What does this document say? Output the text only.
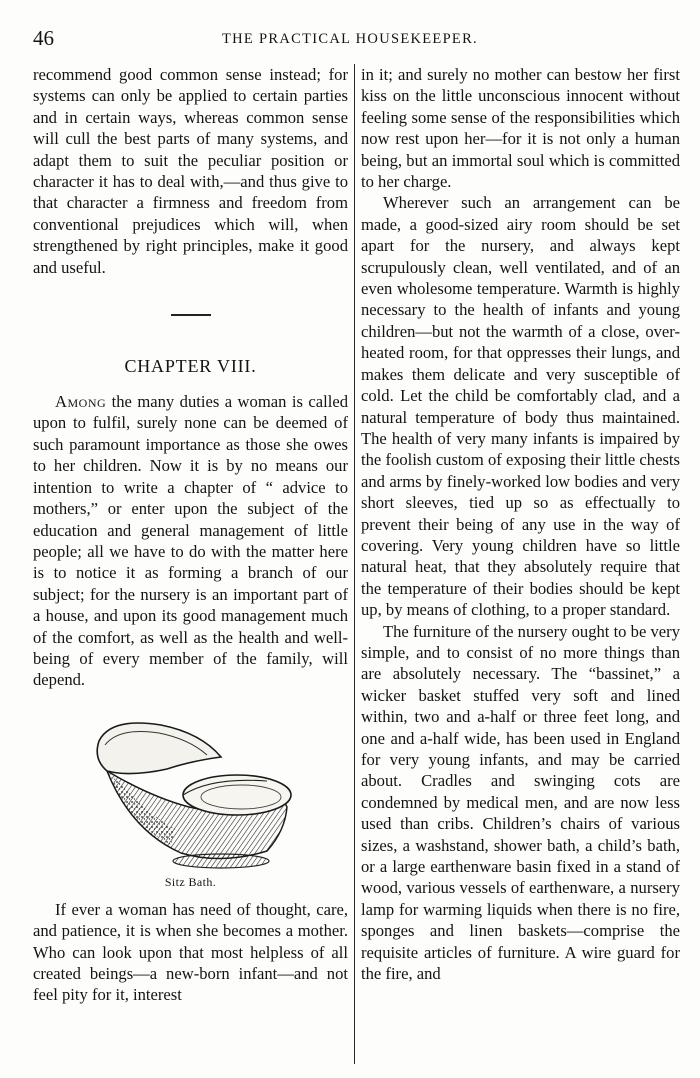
46	THE PRACTICAL HOUSEKEEPER.

recommend good common sense instead; for systems can only be applied to certain parties and in certain ways, whereas common sense will cull the best parts of many systems, and adapt them to suit the peculiar position or character it has to deal with,—and thus give to that character a firmness and freedom from conventional prejudices which will, when strengthened by right principles, make it good and useful.

CHAPTER VIII.

Among the many duties a woman is called upon to fulfil, surely none can be deemed of such paramount importance as those she owes to her children. Now it is by no means our intention to write a chapter of “ advice to mothers,” or enter upon the subject of the education and general management of little people; all we have to do with the matter here is to notice it as forming a branch of our subject; for the nursery is an important part of a house, and upon its good management much of the comfort, as well as the health and well-being of every member of the family, will depend.

Sitz Bath.

If ever a woman has need of thought, care, and patience, it is when she becomes a mother. Who can look upon that most helpless of all created beings—a new-born infant—and not feel pity for it, interest

in it; and surely no mother can bestow her first kiss on the little unconscious innocent without feeling some sense of the responsibilities which now rest upon her—for it is not only a human being, but an immortal soul which is committed to her charge.

Wherever such an arrangement can be made, a good-sized airy room should be set apart for the nursery, and always kept scrupulously clean, well ventilated, and of an even wholesome temperature. Warmth is highly necessary to the health of infants and young children—but not the warmth of a close, over-heated room, for that oppresses their lungs, and makes them delicate and very susceptible of cold. Let the child be comfortably clad, and a natural temperature of body thus maintained. The health of very many infants is impaired by the foolish custom of exposing their little chests and arms by finely-worked low bodies and very short sleeves, tied up so as effectually to prevent their being of any use in the way of covering. Very young children have so little natural heat, that they absolutely require that the temperature of their bodies should be kept up, by means of clothing, to a proper standard.

The furniture of the nursery ought to be very simple, and to consist of no more things than are absolutely necessary. The “bassinet,” a wicker basket stuffed very soft and lined within, two and a-half or three feet long, and one and a-half wide, has been used in England for very young infants, and may be carried about. Cradles and swinging cots are condemned by medical men, and are now less used than cribs. Children’s chairs of various sizes, a washstand, shower bath, a child’s bath, or a large earthenware basin fixed in a stand of wood, various vessels of earthenware, a nursery lamp for warming liquids when there is no fire, sponges and linen baskets—comprise the requisite articles of furniture. A wire guard for the fire, and
